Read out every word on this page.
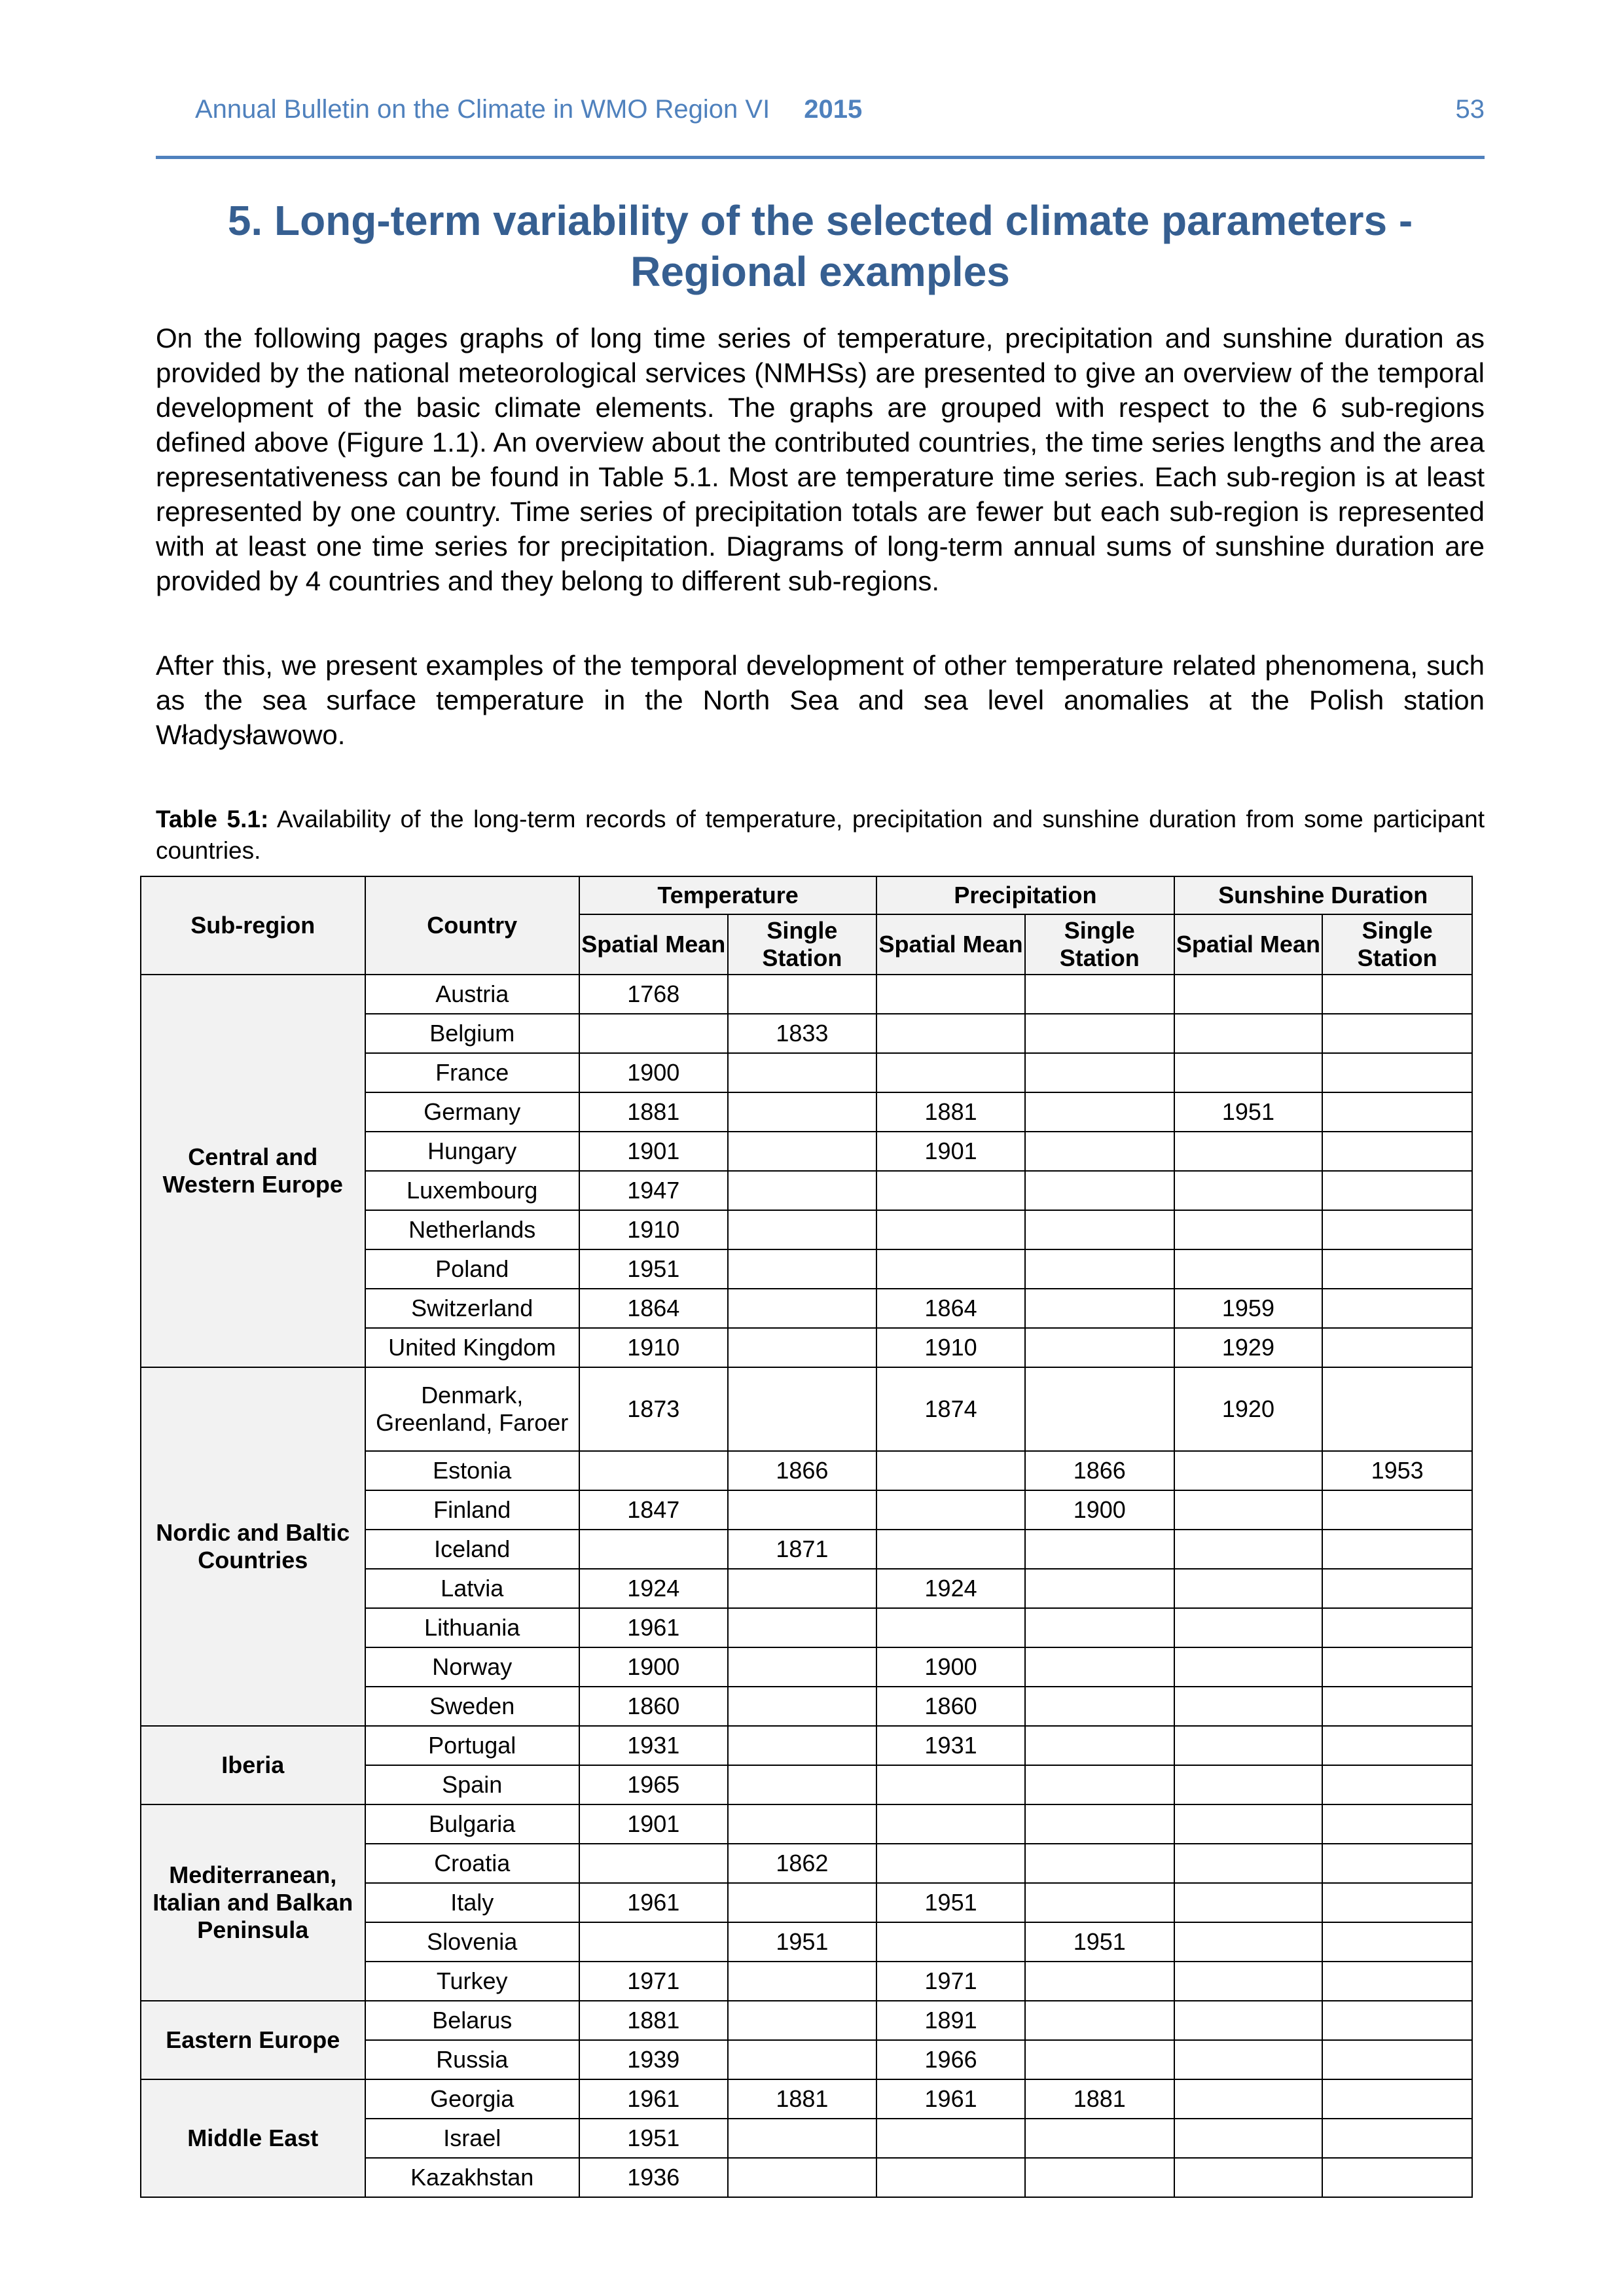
Annual Bulletin on the Climate in WMO Region VI 2015	53
5. Long-term variability of the selected climate parameters - Regional examples
On the following pages graphs of long time series of temperature, precipitation and sunshine duration as provided by the national meteorological services (NMHSs) are presented to give an overview of the temporal development of the basic climate elements. The graphs are grouped with respect to the 6 sub-regions defined above (Figure 1.1). An overview about the contributed countries, the time series lengths and the area representativeness can be found in Table 5.1. Most are temperature time series. Each sub-region is at least represented by one country. Time series of precipitation totals are fewer but each sub-region is represented with at least one time series for precipitation. Diagrams of long-term annual sums of sunshine duration are provided by 4 countries and they belong to different sub-regions.
After this, we present examples of the temporal development of other temperature related phenomena, such as the sea surface temperature in the North Sea and sea level anomalies at the Polish station Władysławowo.
Table 5.1: Availability of the long-term records of temperature, precipitation and sunshine duration from some participant countries.
Sub-region	Country	Temperature		Precipitation		Sunshine Duration	
		Spatial Mean	Single Station	Spatial Mean	Single Station	Spatial Mean	Single Station
Central and Western Europe	Austria	1768					
	Belgium		1833				
	France	1900					
	Germany	1881		1881		1951	
	Hungary	1901		1901			
	Luxembourg	1947					
	Netherlands	1910					
	Poland	1951					
	Switzerland	1864		1864		1959	
	United Kingdom	1910		1910		1929	
Nordic and Baltic Countries	Denmark, Greenland, Faroer	1873		1874		1920	
	Estonia		1866		1866		1953
	Finland	1847			1900		
	Iceland		1871				
	Latvia	1924		1924			
	Lithuania	1961					
	Norway	1900		1900			
	Sweden	1860		1860			
Iberia	Portugal	1931		1931			
	Spain	1965					
Mediterranean, Italian and Balkan Peninsula	Bulgaria	1901					
	Croatia		1862				
	Italy	1961		1951			
	Slovenia		1951		1951		
	Turkey	1971		1971			
Eastern Europe	Belarus	1881		1891			
	Russia	1939		1966			
Middle East	Georgia	1961	1881	1961	1881		
	Israel	1951					
	Kazakhstan	1936					
